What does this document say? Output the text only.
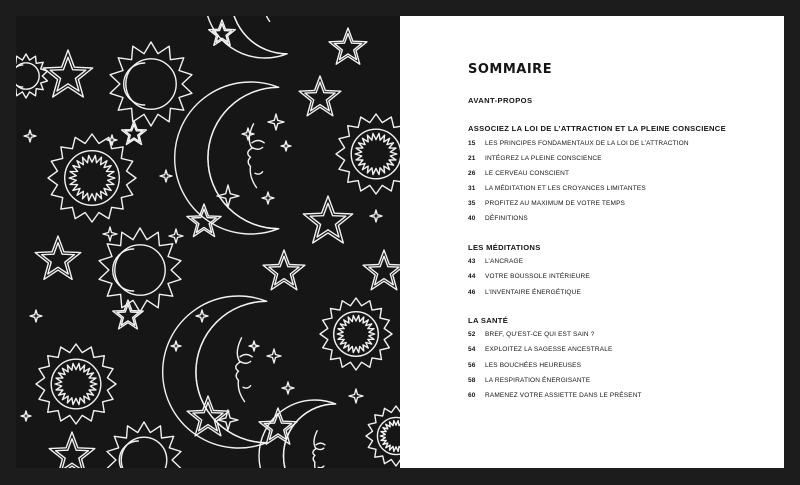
SOMMAIRE
AVANT-PROPOS
ASSOCIEZ LA LOI DE L’ATTRACTION ET LA PLEINE CONSCIENCE
15	LES PRINCIPES FONDAMENTAUX DE LA LOI DE L’ATTRACTION
21	INTÉGREZ LA PLEINE CONSCIENCE
26	LE CERVEAU CONSCIENT
31	LA MÉDITATION ET LES CROYANCES LIMITANTES
35	PROFITEZ AU MAXIMUM DE VOTRE TEMPS
40	DÉFINITIONS
LES MÉDITATIONS
43	L’ANCRAGE
44	VOTRE BOUSSOLE INTÉRIEURE
46	L’INVENTAIRE ÉNERGÉTIQUE
LA SANTÉ
52	BREF, QU’EST-CE QUI EST SAIN ?
54	EXPLOITEZ LA SAGESSE ANCESTRALE
56	LES BOUCHÉES HEUREUSES
58	LA RESPIRATION ÉNERGISANTE
60	RAMENEZ VOTRE ASSIETTE DANS LE PRÉSENT
